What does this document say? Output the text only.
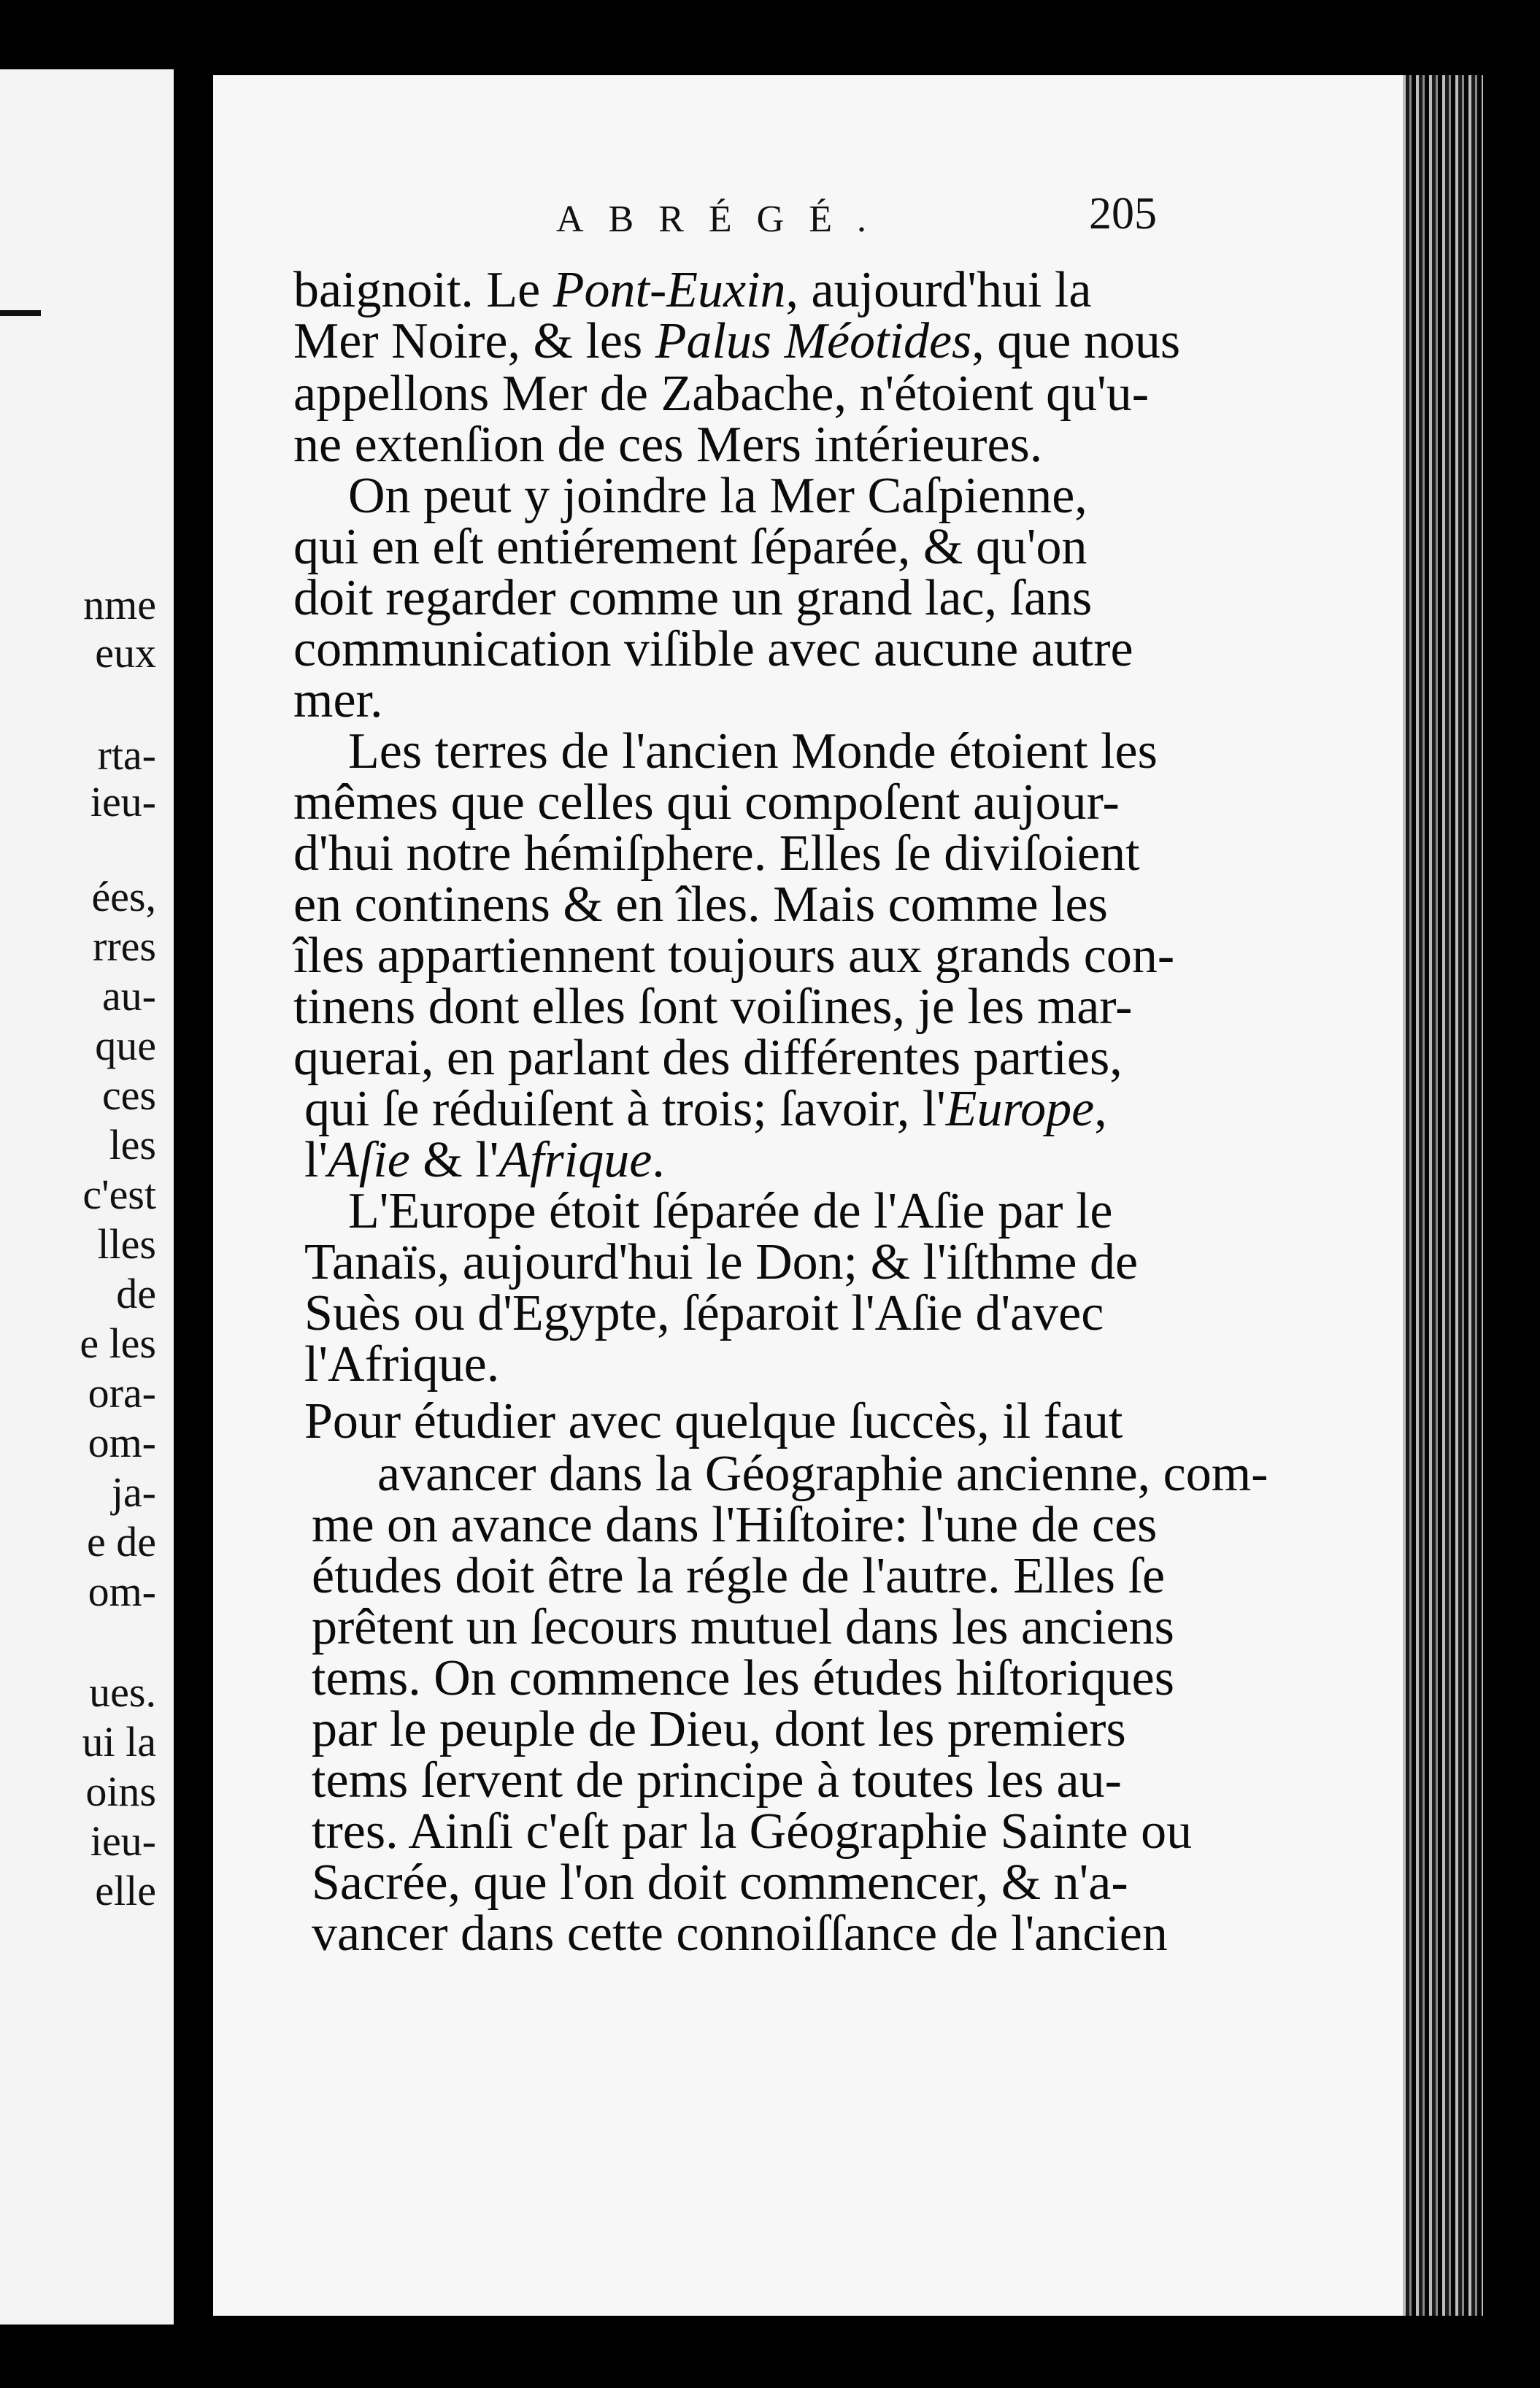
nme
eux
rta-
ieu-
ées,
rres
au-
que
ces
les
c'est
lles
de
e les
ora-
om-
ja-
e de
om-
ues.
ui la
oins
ieu-
elle
ABRÉGÉ.	205
baignoit. Le Pont-Euxin, aujourd'hui la
Mer Noire, & les Palus Méotides, que nous
appellons Mer de Zabache, n'étoient qu'u-
ne extenſion de ces Mers intérieures.
On peut y joindre la Mer Caſpienne,
qui en eſt entiérement ſéparée, & qu'on
doit regarder comme un grand lac, ſans
communication viſible avec aucune autre
mer.
Les terres de l'ancien Monde étoient les
mêmes que celles qui compoſent aujour-
d'hui notre hémiſphere. Elles ſe diviſoient
en continens & en îles. Mais comme les
îles appartiennent toujours aux grands con-
tinens dont elles ſont voiſines, je les mar-
querai, en parlant des différentes parties,
qui ſe réduiſent à trois; ſavoir, l'Europe,
l'Aſie & l'Afrique.
L'Europe étoit ſéparée de l'Aſie par le
Tanaïs, aujourd'hui le Don; & l'iſthme de
Suès ou d'Egypte, ſéparoit l'Aſie d'avec
l'Afrique.
Pour étudier avec quelque ſuccès, il faut
avancer dans la Géographie ancienne, com-
me on avance dans l'Hiſtoire: l'une de ces
études doit être la régle de l'autre. Elles ſe
prêtent un ſecours mutuel dans les anciens
tems. On commence les études hiſtoriques
par le peuple de Dieu, dont les premiers
tems ſervent de principe à toutes les au-
tres. Ainſi c'eſt par la Géographie Sainte ou
Sacrée, que l'on doit commencer, & n'a-
vancer dans cette connoiſſance de l'ancien
